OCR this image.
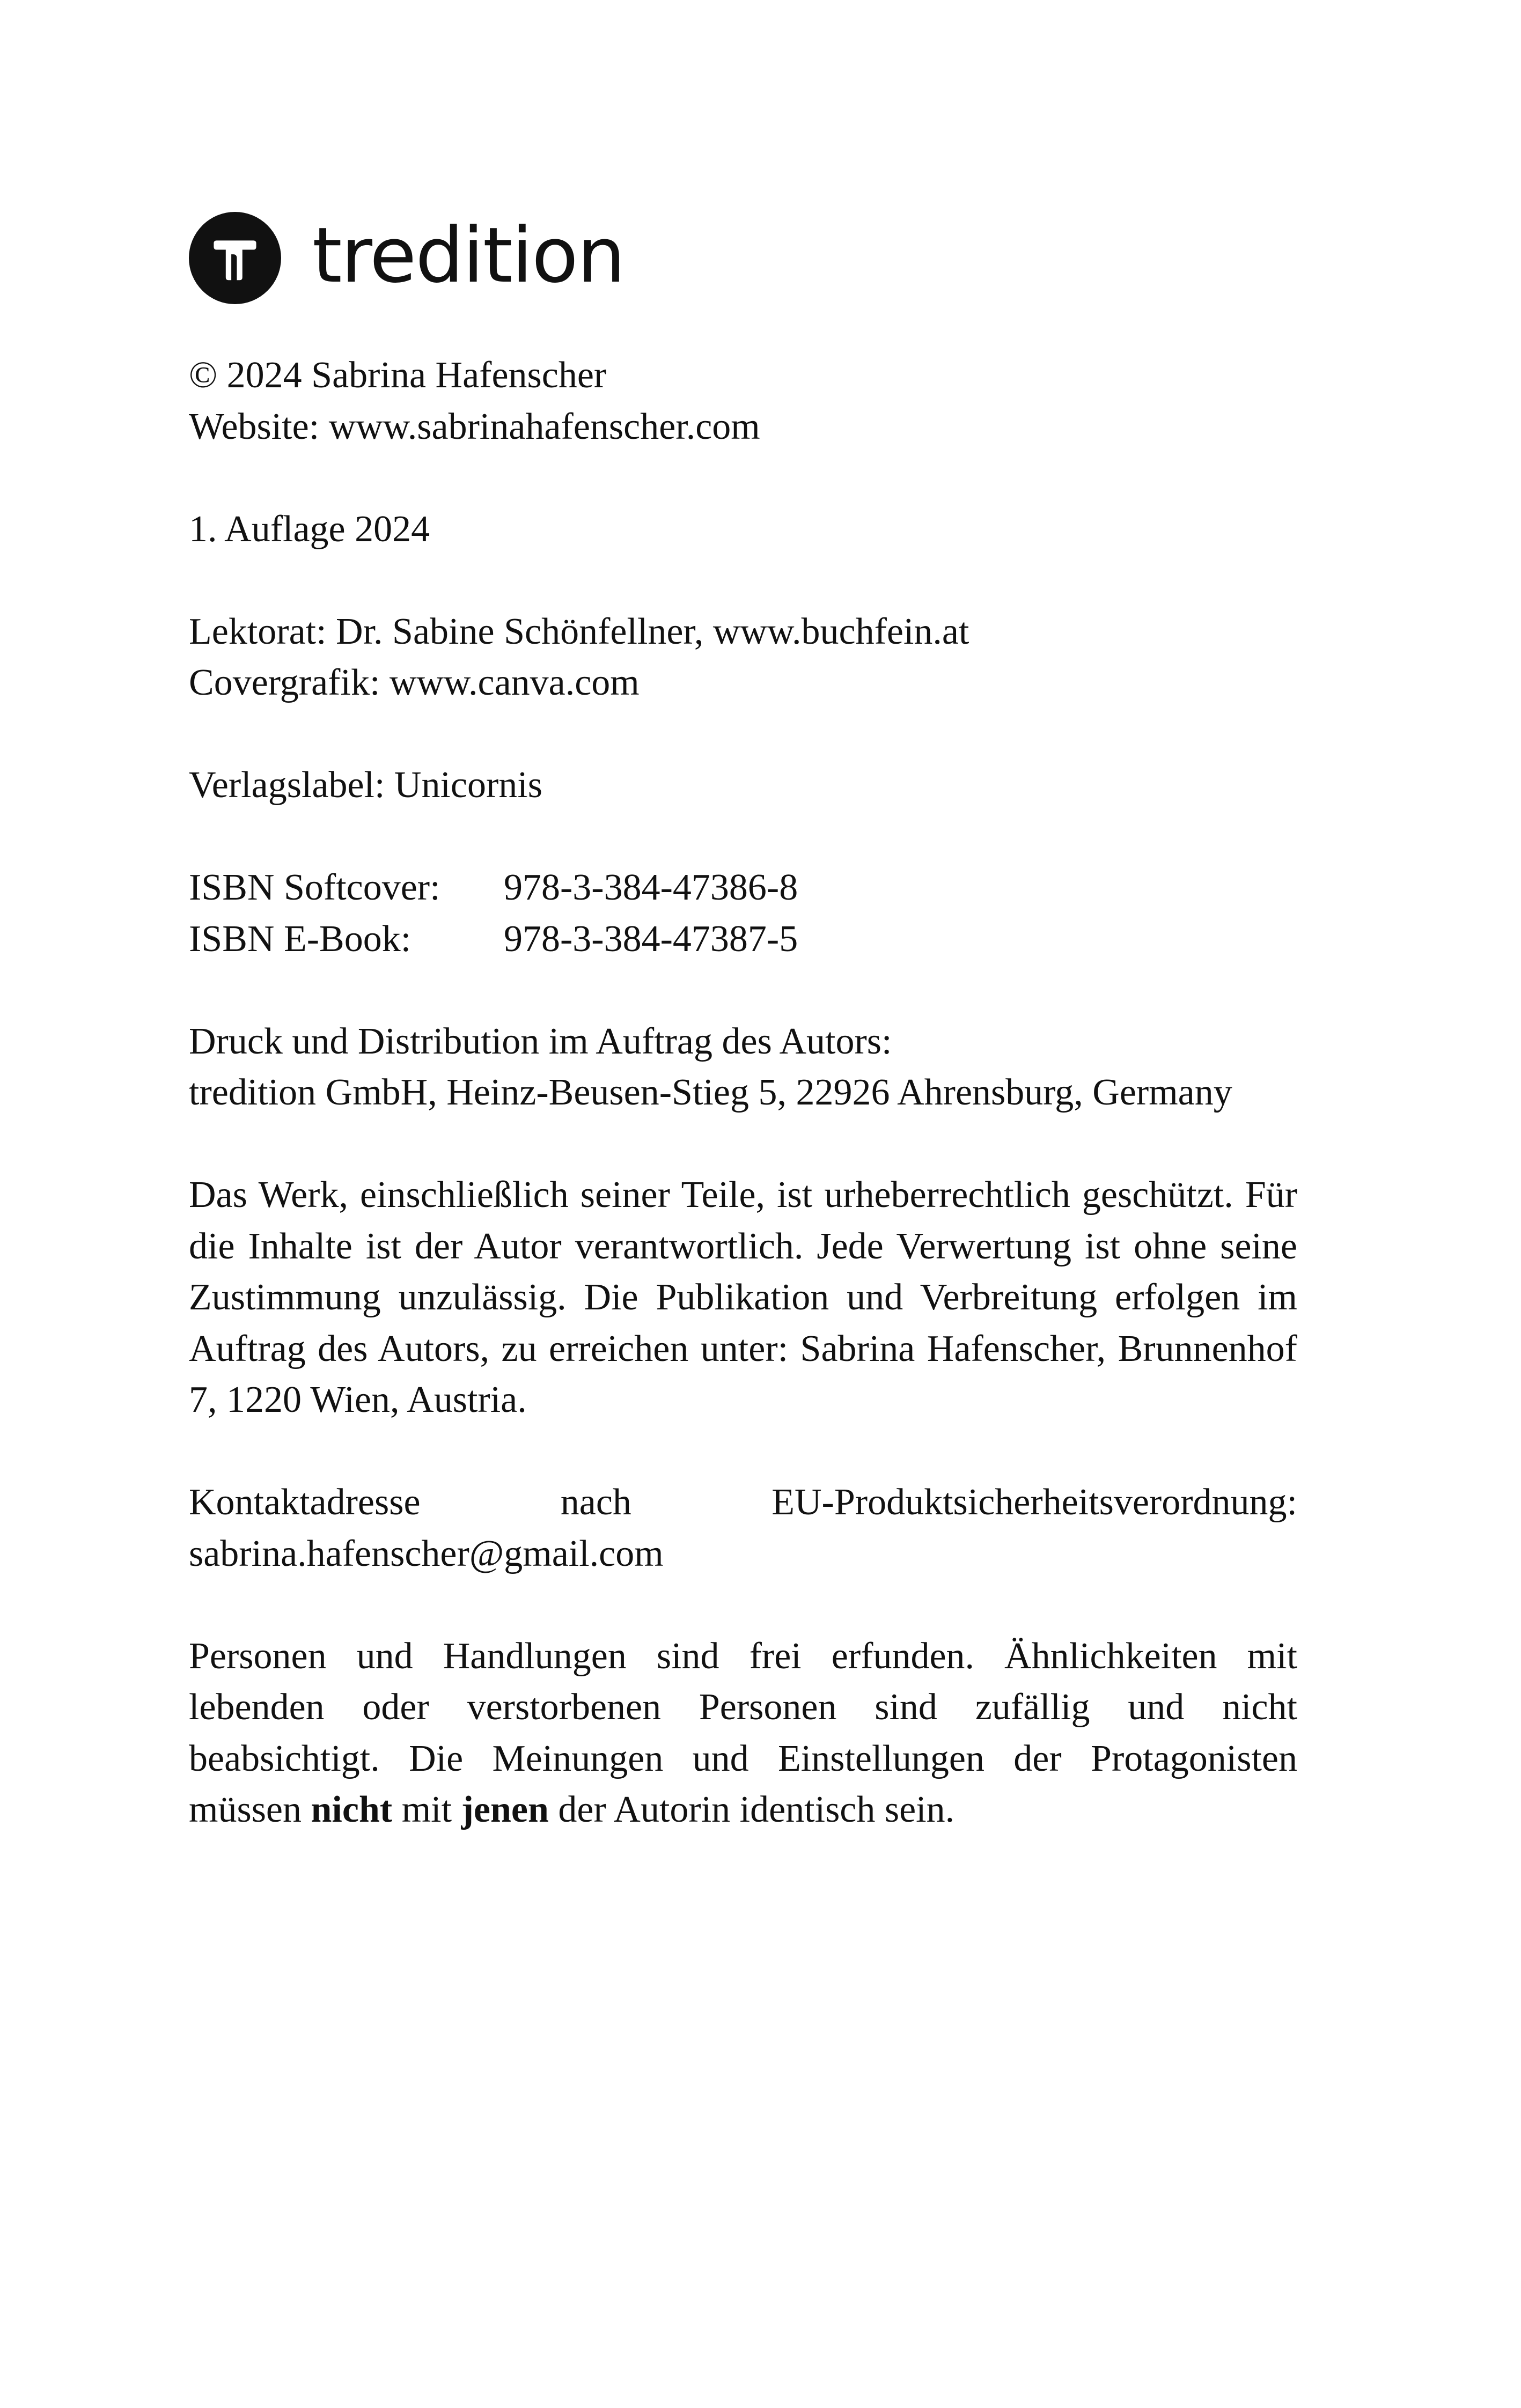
tredition
© 2024 Sabrina Hafenscher
Website: www.sabrinahafenscher.com
1. Auflage 2024
Lektorat: Dr. Sabine Schönfellner, www.buchfein.at
Covergrafik: www.canva.com
Verlagslabel: Unicornis
ISBN Softcover:	978-3-384-47386-8
ISBN E-Book:	978-3-384-47387-5
Druck und Distribution im Auftrag des Autors:
tredition GmbH, Heinz-Beusen-Stieg 5, 22926 Ahrensburg, Germany
Das Werk, einschließlich seiner Teile, ist urheberrechtlich geschützt. Für die Inhalte ist der Autor verantwortlich. Jede Verwertung ist ohne seine Zustimmung unzulässig. Die Publikation und Verbreitung erfolgen im Auftrag des Autors, zu erreichen unter: Sabrina Hafenscher, Brunnenhof 7, 1220 Wien, Austria.
Kontaktadresse nach EU-Produktsicherheitsverordnung:
sabrina.hafenscher@gmail.com
Personen und Handlungen sind frei erfunden. Ähnlichkeiten mit lebenden oder verstorbenen Personen sind zufällig und nicht beabsichtigt. Die Meinungen und Einstellungen der Protagonisten müssen nicht mit jenen der Autorin identisch sein.
